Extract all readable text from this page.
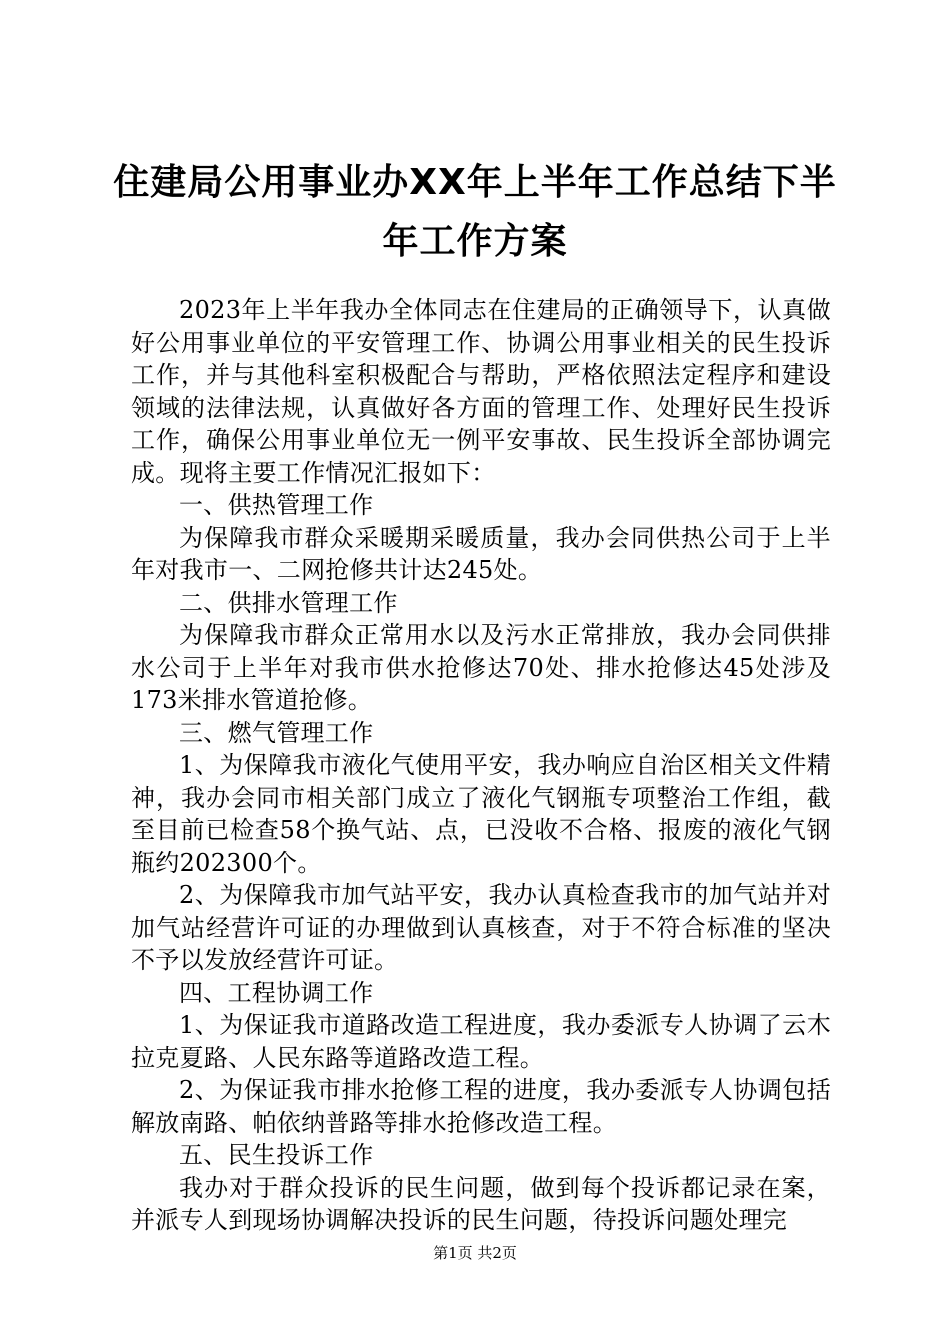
住建局公用事业办XX年上半年工作总结下半
年工作方案

2023年上半年我办全体同志在住建局的正确领导下，认真做好公用事业单位的平安管理工作、协调公用事业相关的民生投诉工作，并与其他科室积极配合与帮助，严格依照法定程序和建设领域的法律法规，认真做好各方面的管理工作、处理好民生投诉工作，确保公用事业单位无一例平安事故、民生投诉全部协调完成。现将主要工作情况汇报如下：

一、供热管理工作

为保障我市群众采暖期采暖质量，我办会同供热公司于上半年对我市一、二网抢修共计达245处。

二、供排水管理工作

为保障我市群众正常用水以及污水正常排放，我办会同供排水公司于上半年对我市供水抢修达70处、排水抢修达45处涉及173米排水管道抢修。

三、燃气管理工作

1、为保障我市液化气使用平安，我办响应自治区相关文件精神，我办会同市相关部门成立了液化气钢瓶专项整治工作组，截至目前已检查58个换气站、点，已没收不合格、报废的液化气钢瓶约202300个。

2、为保障我市加气站平安，我办认真检查我市的加气站并对加气站经营许可证的办理做到认真核查，对于不符合标准的坚决不予以发放经营许可证。

四、工程协调工作

1、为保证我市道路改造工程进度，我办委派专人协调了云木拉克夏路、人民东路等道路改造工程。

2、为保证我市排水抢修工程的进度，我办委派专人协调包括解放南路、帕依纳普路等排水抢修改造工程。

五、民生投诉工作

我办对于群众投诉的民生问题，做到每个投诉都记录在案，并派专人到现场协调解决投诉的民生问题，待投诉问题处理完

第1页 共2页
